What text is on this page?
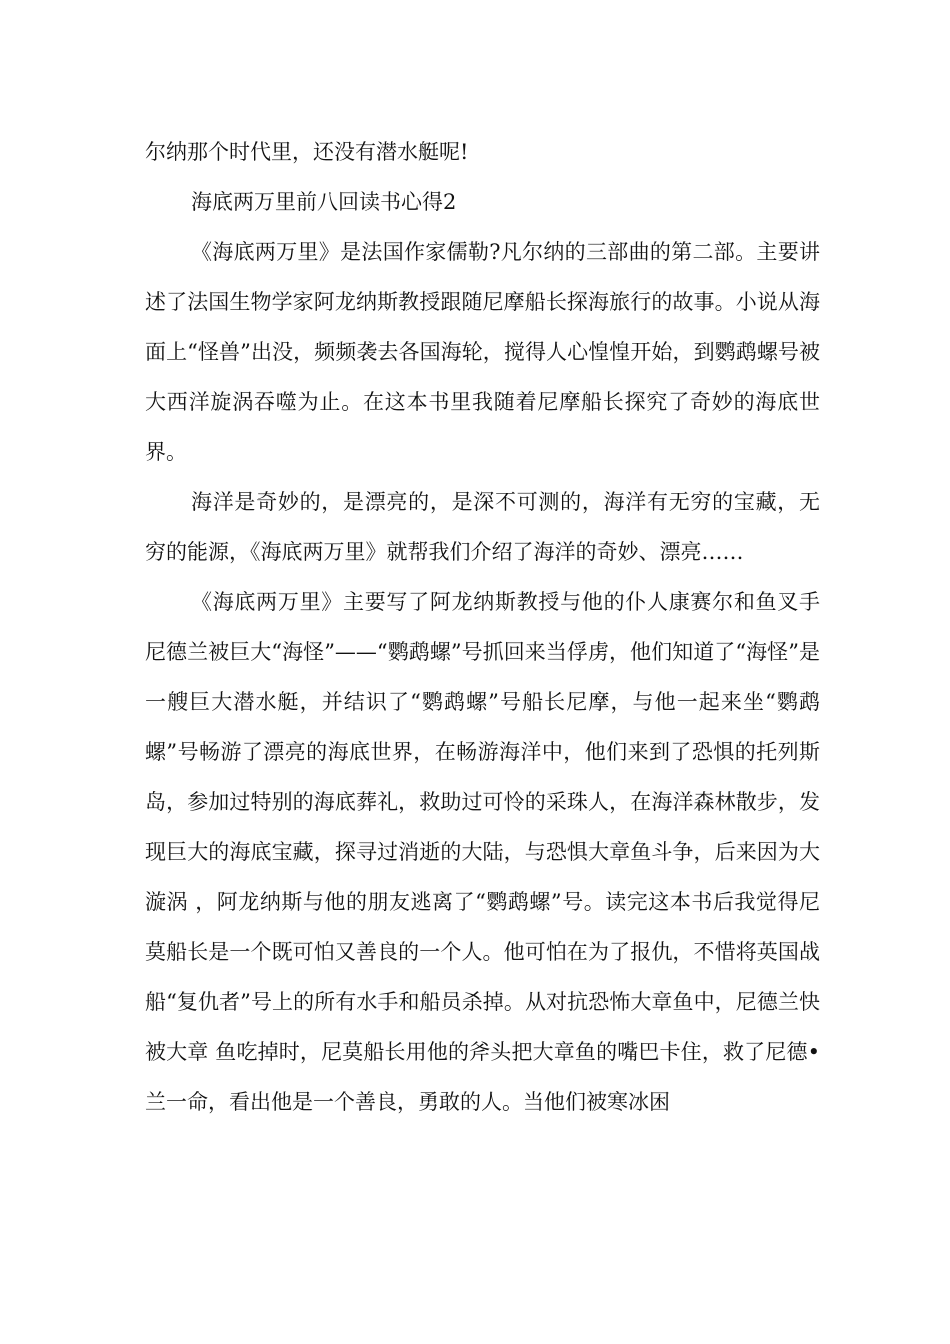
尔纳那个时代里，还没有潜水艇呢!

海底两万里前八回读书心得2

《海底两万里》是法国作家儒勒?凡尔纳的三部曲的第二部。主要讲述了法国生物学家阿龙纳斯教授跟随尼摩船长探海旅行的故事。小说从海面上“怪兽”出没，频频袭去各国海轮，搅得人心惶惶开始，到鹦鹉螺号被大西洋旋涡吞噬为止。在这本书里我随着尼摩船长探究了奇妙的海底世界。

海洋是奇妙的，是漂亮的，是深不可测的，海洋有无穷的宝藏，无穷的能源，《海底两万里》就帮我们介绍了海洋的奇妙、漂亮……

《海底两万里》主要写了阿龙纳斯教授与他的仆人康赛尔和鱼叉手尼德兰被巨大“海怪”——“鹦鹉螺”号抓回来当俘虏，他们知道了“海怪”是一艘巨大潜水艇，并结识了“鹦鹉螺”号船长尼摩，与他一起来坐“鹦鹉 螺”号畅游了漂亮的海底世界，在畅游海洋中，他们来到了恐惧的托列斯岛，参加过特别的海底葬礼，救助过可怜的采珠人，在海洋森林散步，发现巨大的海底宝藏，探寻过消逝的大陆，与恐惧大章鱼斗争，后来因为大漩涡 ，阿龙纳斯与他的朋友逃离了“鹦鹉螺”号。读完这本书后我觉得尼莫船长是一个既可怕又善良的一个人。他可怕在为了报仇，不惜将英国战船“复仇者”号上的所有水手和船员杀掉。从对抗恐怖大章鱼中，尼德兰快被大章 鱼吃掉时，尼莫船长用他的斧头把大章鱼的嘴巴卡住，救了尼德•兰一命，看出他是一个善良，勇敢的人。当他们被寒冰困
